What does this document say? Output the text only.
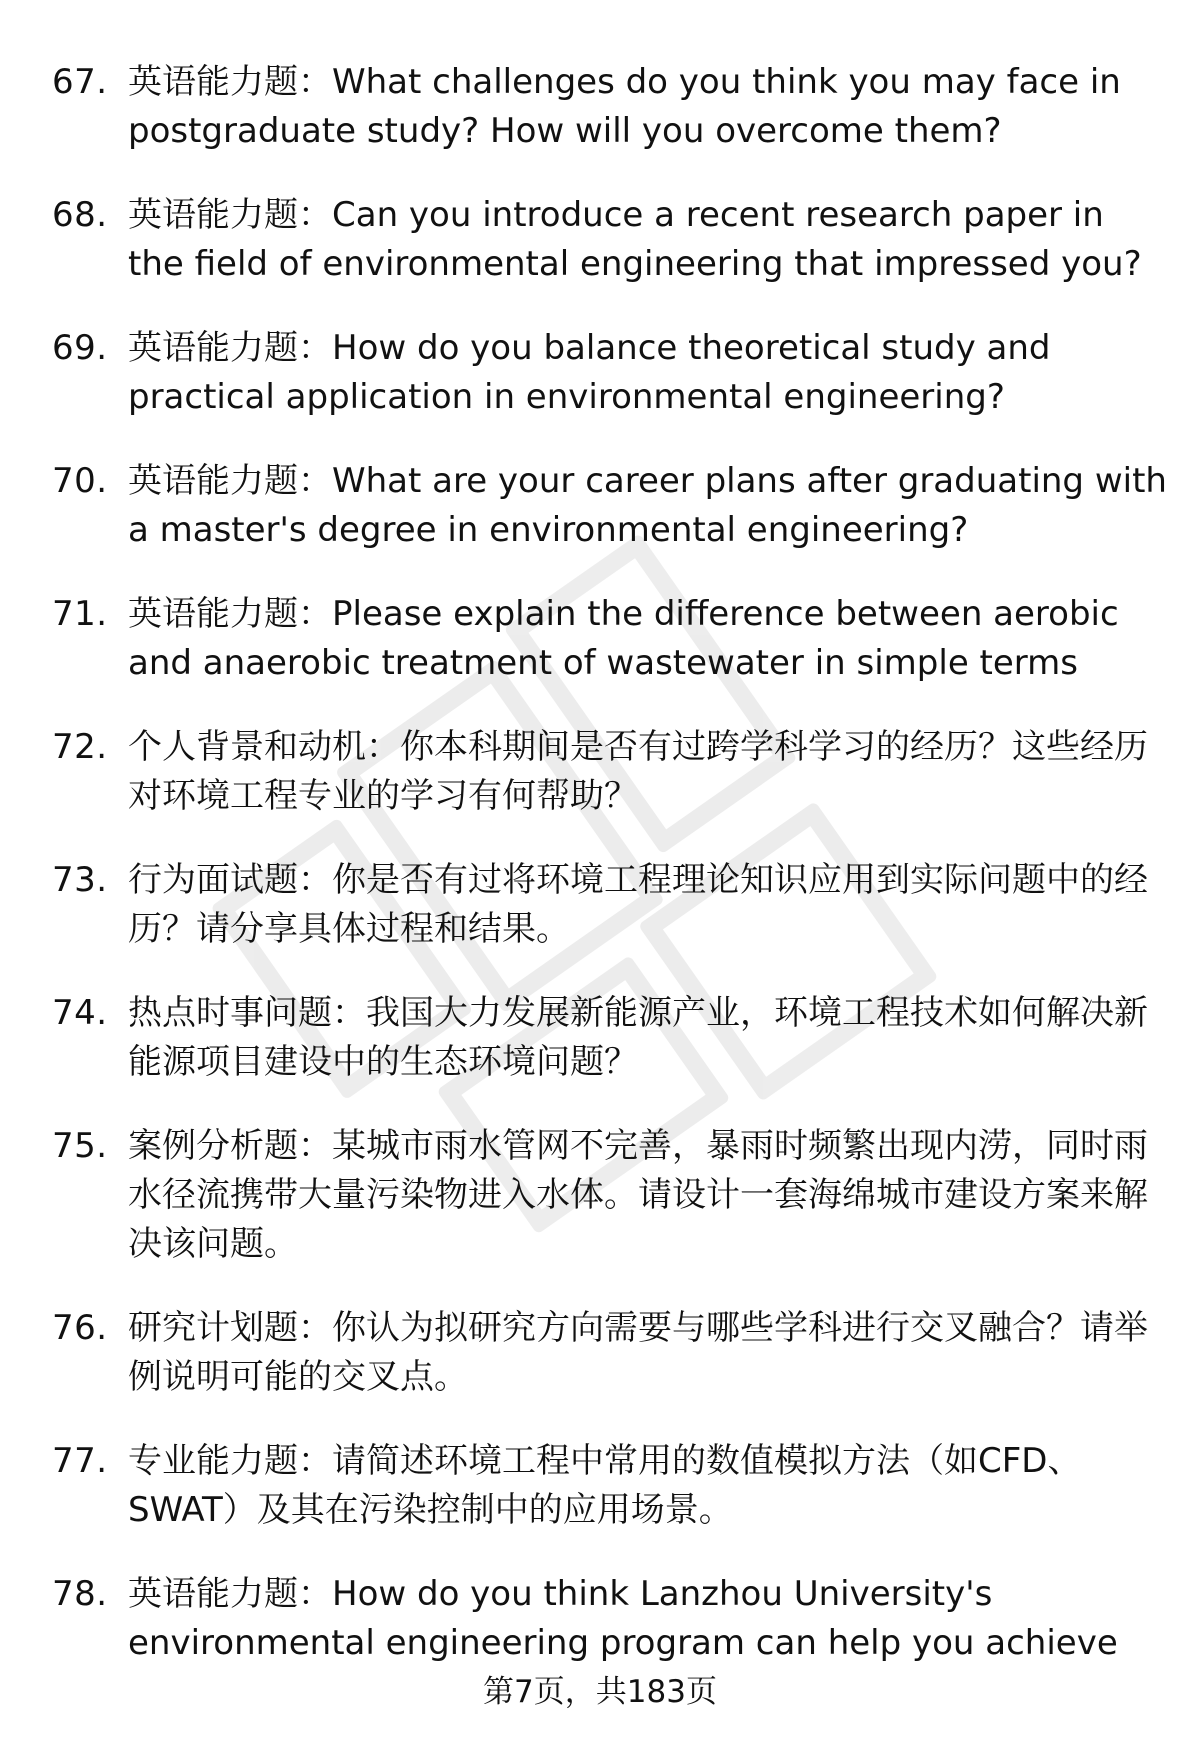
67. 英语能力题：What challenges do you think you may face in postgraduate study? How will you overcome them?
68. 英语能力题：Can you introduce a recent research paper in the field of environmental engineering that impressed you?
69. 英语能力题：How do you balance theoretical study and practical application in environmental engineering?
70. 英语能力题：What are your career plans after graduating with a master's degree in environmental engineering?
71. 英语能力题：Please explain the difference between aerobic and anaerobic treatment of wastewater in simple terms
72. 个人背景和动机：你本科期间是否有过跨学科学习的经历？这些经历对环境工程专业的学习有何帮助？
73. 行为面试题：你是否有过将环境工程理论知识应用到实际问题中的经历？请分享具体过程和结果。
74. 热点时事问题：我国大力发展新能源产业，环境工程技术如何解决新能源项目建设中的生态环境问题？
75. 案例分析题：某城市雨水管网不完善，暴雨时频繁出现内涝，同时雨水径流携带大量污染物进入水体。请设计一套海绵城市建设方案来解决该问题。
76. 研究计划题：你认为拟研究方向需要与哪些学科进行交叉融合？请举例说明可能的交叉点。
77. 专业能力题：请简述环境工程中常用的数值模拟方法（如CFD、SWAT）及其在污染控制中的应用场景。
78. 英语能力题：How do you think Lanzhou University's environmental engineering program can help you achieve
第7页，共183页
